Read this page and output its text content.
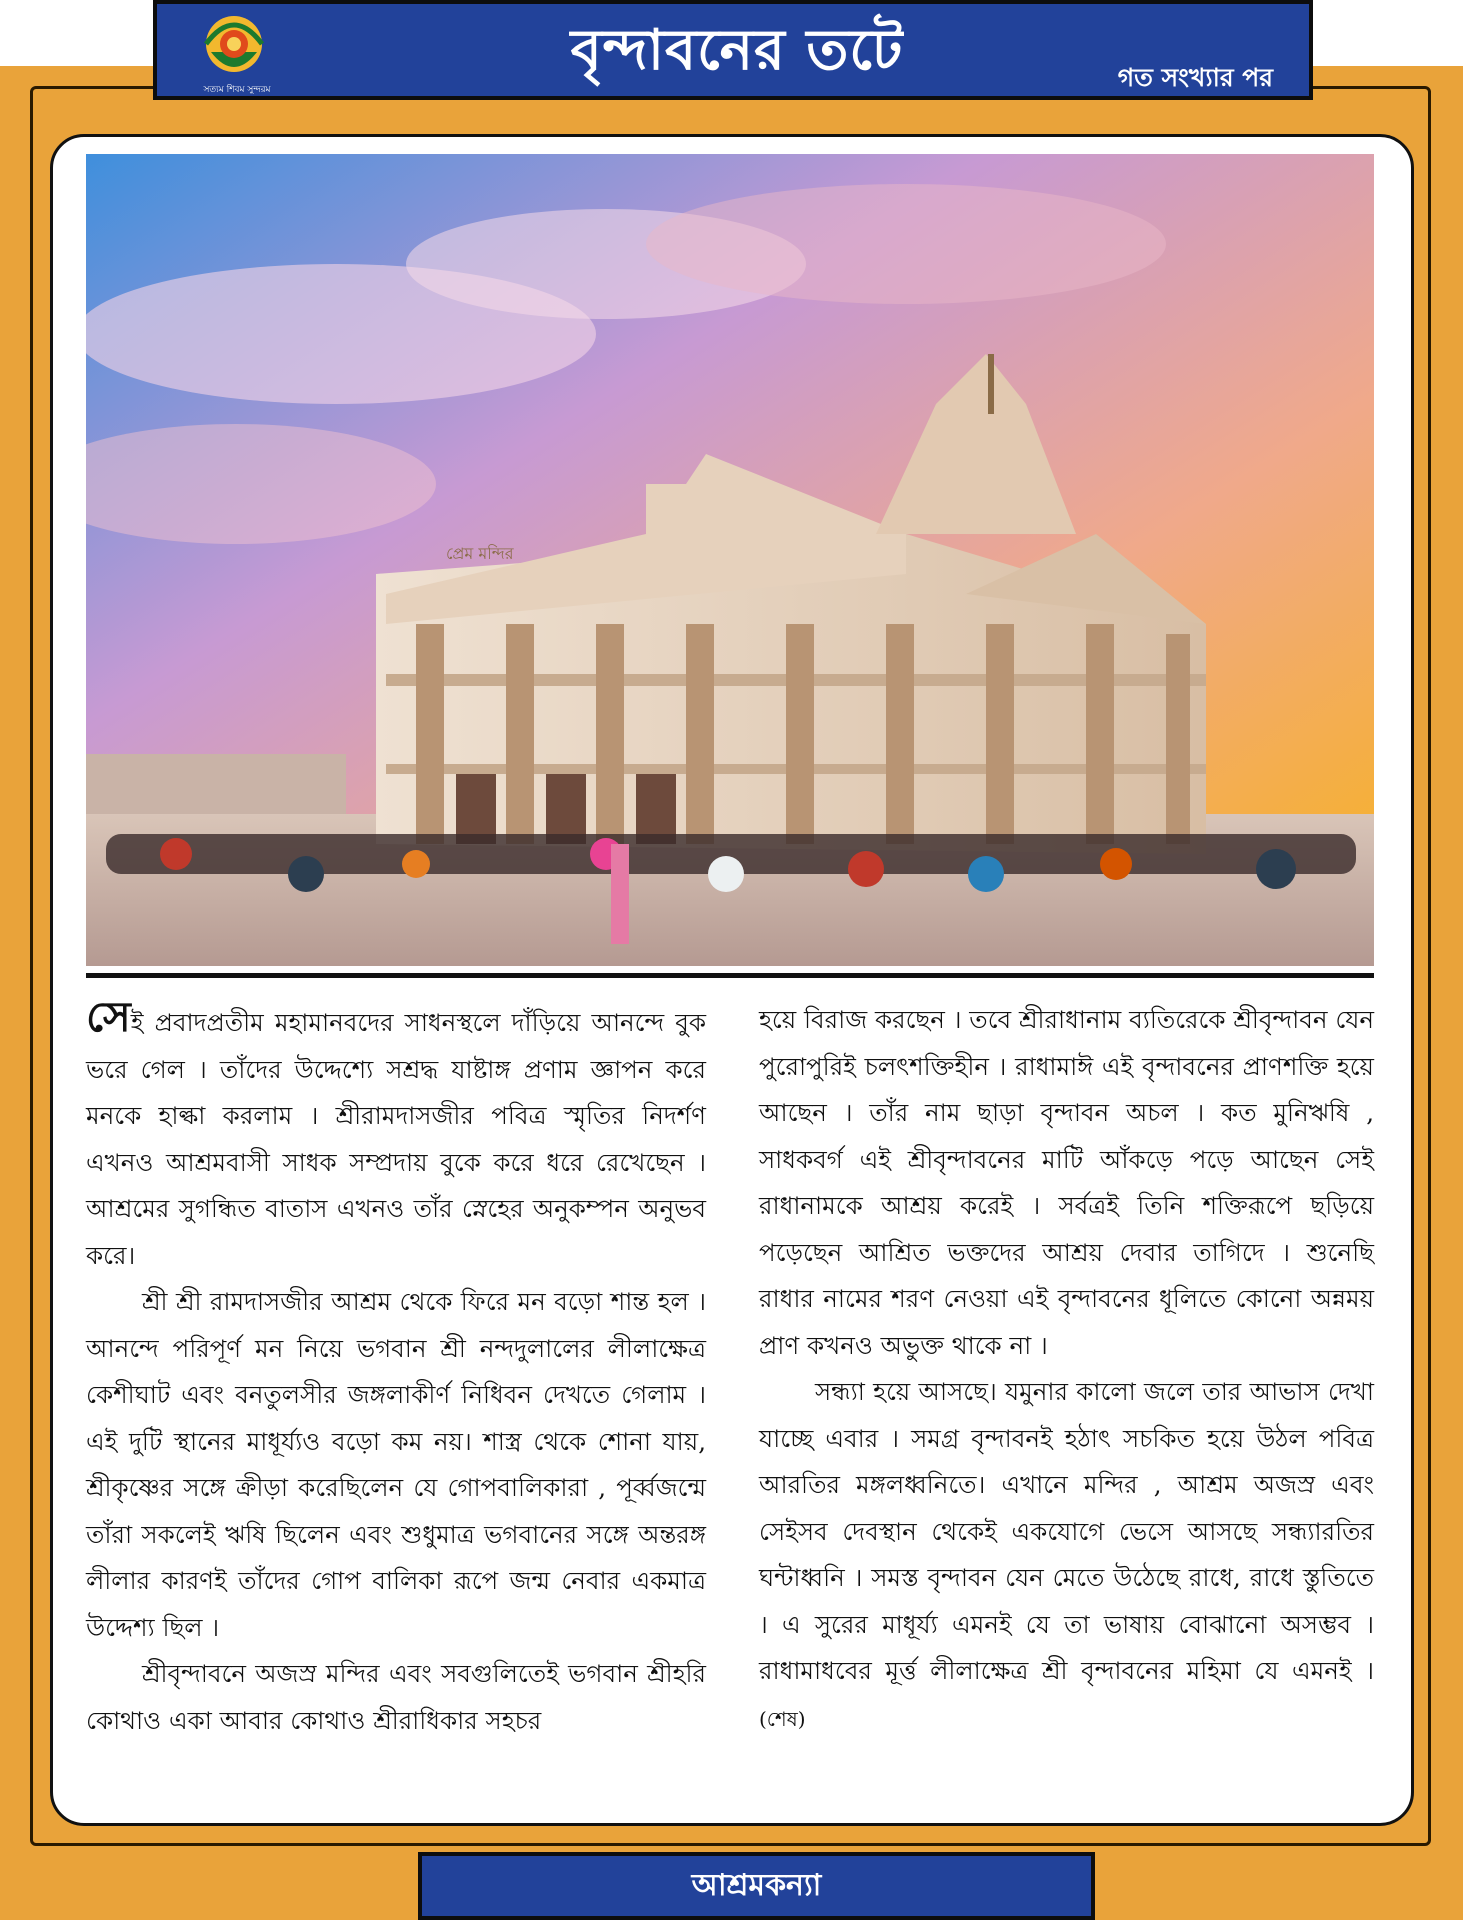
সত্যম শিবম সুন্দরম
বৃন্দাবনের তটে	গত সংখ্যার পর
প্রেম মন্দির

সেই প্রবাদপ্রতীম মহামানবদের সাধনস্থলে দাঁড়িয়ে আনন্দে বুক ভরে গেল । তাঁদের উদ্দেশ্যে সশ্রদ্ধ যাষ্টাঙ্গ প্রণাম জ্ঞাপন করে মনকে হাল্কা করলাম । শ্রীরামদাসজীর পবিত্র স্মৃতির নিদর্শণ এখনও আশ্রমবাসী সাধক সম্প্রদায় বুকে করে ধরে রেখেছেন । আশ্রমের সুগন্ধিত বাতাস এখনও তাঁর স্নেহের অনুকম্পন অনুভব করে।

শ্রী শ্রী রামদাসজীর আশ্রম থেকে ফিরে মন বড়ো শান্ত হল । আনন্দে পরিপূর্ণ মন নিয়ে ভগবান শ্রী নন্দদুলালের লীলাক্ষেত্র কেশীঘাট এবং বনতুলসীর জঙ্গলাকীর্ণ নিধিবন দেখতে গেলাম । এই দুটি স্থানের মাধূর্য্যও বড়ো কম নয়। শাস্ত্র থেকে শোনা যায়, শ্রীকৃষ্ণের সঙ্গে ক্রীড়া করেছিলেন যে গোপবালিকারা , পূর্ব্বজন্মে তাঁরা সকলেই ঋষি ছিলেন এবং শুধুমাত্র ভগবানের সঙ্গে অন্তরঙ্গ লীলার কারণই তাঁদের গোপ বালিকা রূপে জন্ম নেবার একমাত্র উদ্দেশ্য ছিল ।

শ্রীবৃন্দাবনে অজস্র মন্দির এবং সবগুলিতেই ভগবান শ্রীহরি কোথাও একা আবার কোথাও শ্রীরাধিকার সহচর

হয়ে বিরাজ করছেন । তবে শ্রীরাধানাম ব্যতিরেকে শ্রীবৃন্দাবন যেন পুরোপুরিই চলৎশক্তিহীন । রাধামাঈ এই বৃন্দাবনের প্রাণশক্তি হয়ে আছেন । তাঁর নাম ছাড়া বৃন্দাবন অচল । কত মুনিঋষি , সাধকবর্গ এই শ্রীবৃন্দাবনের মাটি আঁকড়ে পড়ে আছেন সেই রাধানামকে আশ্রয় করেই । সর্বত্রই তিনি শক্তিরূপে ছড়িয়ে পড়েছেন আশ্রিত ভক্তদের আশ্রয় দেবার তাগিদে । শুনেছি রাধার নামের শরণ নেওয়া এই বৃন্দাবনের ধূলিতে কোনো অন্নময় প্রাণ কখনও অভুক্ত থাকে না ।

সন্ধ্যা হয়ে আসছে। যমুনার কালো জলে তার আভাস দেখা যাচ্ছে এবার । সমগ্র বৃন্দাবনই হঠাৎ সচকিত হয়ে উঠল পবিত্র আরতির মঙ্গলধ্বনিতে। এখানে মন্দির , আশ্রম অজস্র এবং সেইসব দেবস্থান থেকেই একযোগে ভেসে আসছে সন্ধ্যারতির ঘন্টাধ্বনি । সমস্ত বৃন্দাবন যেন মেতে উঠেছে রাধে, রাধে স্তুতিতে । এ সুরের মাধূর্য্য এমনই যে তা ভাষায় বোঝানো অসম্ভব । রাধামাধবের মূর্ত্ত লীলাক্ষেত্র শ্রী বৃন্দাবনের মহিমা যে এমনই । (শেষ)

আশ্রমকন্যা
